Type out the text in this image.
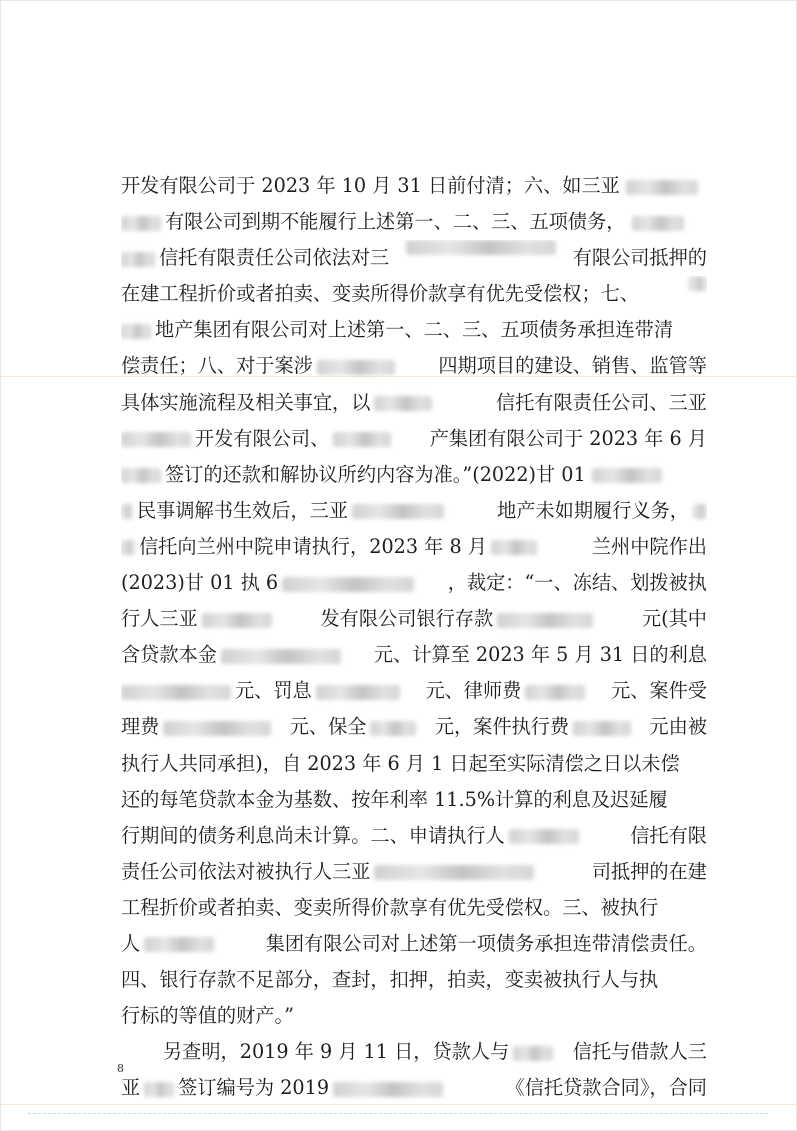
开发有限公司于 2023 年 10 月 31 日前付清；六、如三亚
有限公司到期不能履行上述第一、二、三、五项债务，
信托有限责任公司依法对三	有限公司抵押的
在建工程折价或者拍卖、变卖所得价款享有优先受偿权；七、
地产集团有限公司对上述第一、二、三、五项债务承担连带清
偿责任；八、对于案涉	四期项目的建设、销售、监管等
具体实施流程及相关事宜，以	信托有限责任公司、三亚
开发有限公司、	产集团有限公司于 2023 年 6 月
签订的还款和解协议所约内容为准。”(2022)甘 01
民事调解书生效后，三亚	地产未如期履行义务，
信托向兰州中院申请执行，2023 年 8 月	兰州中院作出
(2023)甘 01 执 6	，裁定：“一、冻结、划拨被执
行人三亚	发有限公司银行存款	元(其中
含贷款本金	元、计算至 2023 年 5 月 31 日的利息
元、罚息	元、律师费	元、案件受
理费	元、保全	元，案件执行费	元由被
执行人共同承担)，自 2023 年 6 月 1 日起至实际清偿之日以未偿
还的每笔贷款本金为基数、按年利率 11.5%计算的利息及迟延履
行期间的债务利息尚未计算。二、申请执行人	信托有限
责任公司依法对被执行人三亚	司抵押的在建
工程折价或者拍卖、变卖所得价款享有优先受偿权。三、被执行
人	集团有限公司对上述第一项债务承担连带清偿责任。
四、银行存款不足部分，查封，扣押，拍卖，变卖被执行人与执
行标的等值的财产。”
另查明，2019 年 9 月 11 日，贷款人与	信托与借款人三
亚 签订编号为 2019	《信托贷款合同》，合同
8
